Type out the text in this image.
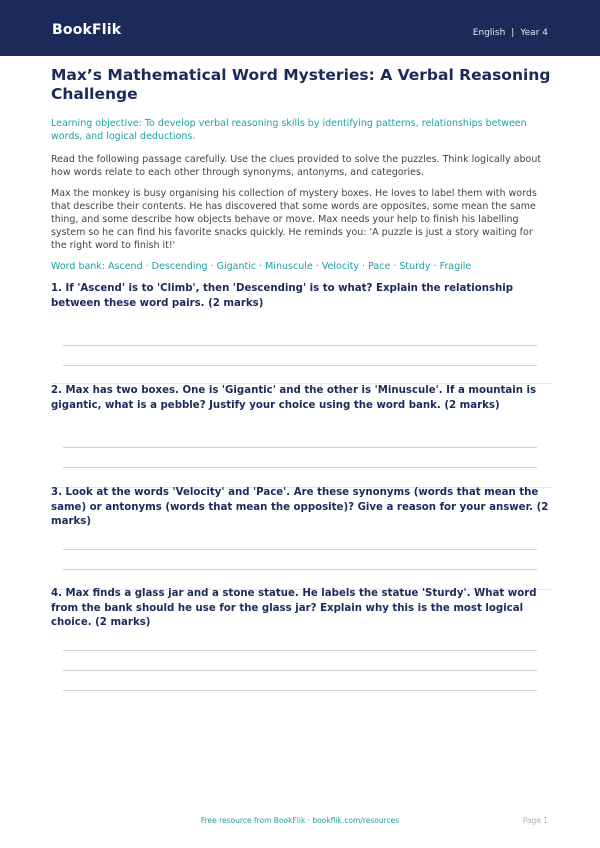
BookFlik	English | Year 4
Max’s Mathematical Word Mysteries: A Verbal Reasoning Challenge
Learning objective: To develop verbal reasoning skills by identifying patterns, relationships between words, and logical deductions.
Read the following passage carefully. Use the clues provided to solve the puzzles. Think logically about how words relate to each other through synonyms, antonyms, and categories.
Max the monkey is busy organising his collection of mystery boxes. He loves to label them with words that describe their contents. He has discovered that some words are opposites, some mean the same thing, and some describe how objects behave or move. Max needs your help to finish his labelling system so he can find his favorite snacks quickly. He reminds you: 'A puzzle is just a story waiting for the right word to finish it!'
Word bank: Ascend · Descending · Gigantic · Minuscule · Velocity · Pace · Sturdy · Fragile
1. If 'Ascend' is to 'Climb', then 'Descending' is to what? Explain the relationship between these word pairs. (2 marks)
2. Max has two boxes. One is 'Gigantic' and the other is 'Minuscule'. If a mountain is gigantic, what is a pebble? Justify your choice using the word bank. (2 marks)
3. Look at the words 'Velocity' and 'Pace'. Are these synonyms (words that mean the same) or antonyms (words that mean the opposite)? Give a reason for your answer. (2 marks)
4. Max finds a glass jar and a stone statue. He labels the statue 'Sturdy'. What word from the bank should he use for the glass jar? Explain why this is the most logical choice. (2 marks)
Free resource from BookFlik · bookflik.com/resources	Page 1
